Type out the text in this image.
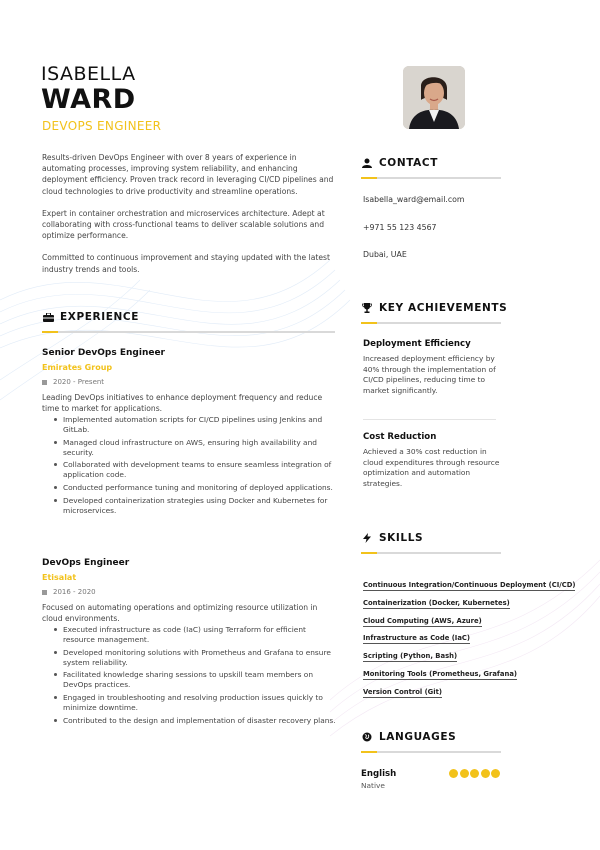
ISABELLA
WARD
DEVOPS ENGINEER

Results-driven DevOps Engineer with over 8 years of experience in automating processes, improving system reliability, and enhancing deployment efficiency. Proven track record in leveraging CI/CD pipelines and cloud technologies to drive productivity and streamline operations.

Expert in container orchestration and microservices architecture. Adept at collaborating with cross-functional teams to deliver scalable solutions and optimize performance.

Committed to continuous improvement and staying updated with the latest industry trends and tools.

EXPERIENCE
Senior DevOps Engineer
Emirates Group
2020 - Present
Leading DevOps initiatives to enhance deployment frequency and reduce time to market for applications.
Implemented automation scripts for CI/CD pipelines using Jenkins and GitLab.
Managed cloud infrastructure on AWS, ensuring high availability and security.
Collaborated with development teams to ensure seamless integration of application code.
Conducted performance tuning and monitoring of deployed applications.
Developed containerization strategies using Docker and Kubernetes for microservices.
DevOps Engineer
Etisalat
2016 - 2020
Focused on automating operations and optimizing resource utilization in cloud environments.
Executed infrastructure as code (IaC) using Terraform for efficient resource management.
Developed monitoring solutions with Prometheus and Grafana to ensure system reliability.
Facilitated knowledge sharing sessions to upskill team members on DevOps practices.
Engaged in troubleshooting and resolving production issues quickly to minimize downtime.
Contributed to the design and implementation of disaster recovery plans.
CONTACT
Isabella_ward@email.com
+971 55 123 4567
Dubai, UAE
KEY ACHIEVEMENTS
Deployment Efficiency
Increased deployment efficiency by 40% through the implementation of CI/CD pipelines, reducing time to market significantly.
Cost Reduction
Achieved a 30% cost reduction in cloud expenditures through resource optimization and automation strategies.
SKILLS
Continuous Integration/Continuous Deployment (CI/CD)
Containerization (Docker, Kubernetes)
Cloud Computing (AWS, Azure)
Infrastructure as Code (IaC)
Scripting (Python, Bash)
Monitoring Tools (Prometheus, Grafana)
Version Control (Git)
LANGUAGES
English
Native
